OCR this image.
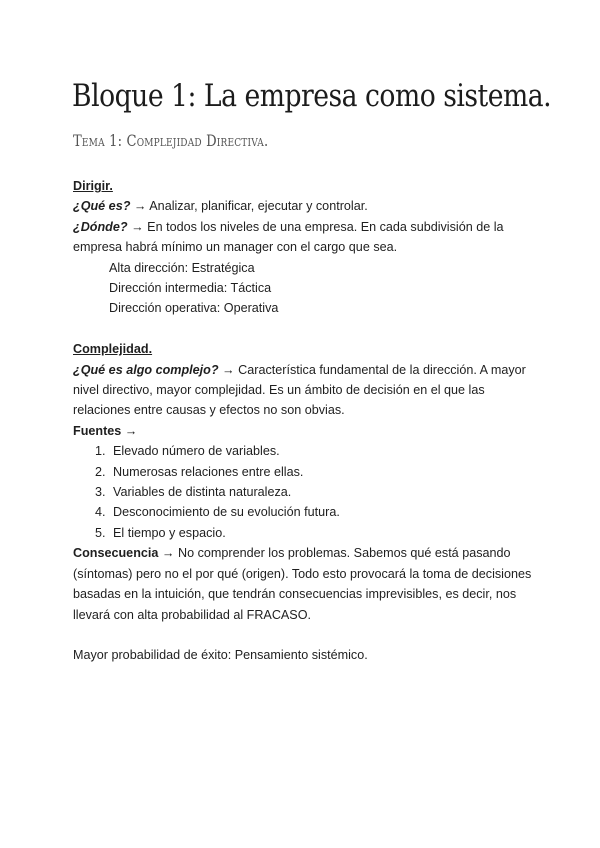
Bloque 1: La empresa como sistema.
Tema 1: Complejidad Directiva.
Dirigir.
¿Qué es? → Analizar, planificar, ejecutar y controlar.
¿Dónde? → En todos los niveles de una empresa. En cada subdivisión de la empresa habrá mínimo un manager con el cargo que sea.
Alta dirección: Estratégica
Dirección intermedia: Táctica
Dirección operativa: Operativa
Complejidad.
¿Qué es algo complejo? → Característica fundamental de la dirección. A mayor nivel directivo, mayor complejidad. Es un ámbito de decisión en el que las relaciones entre causas y efectos no son obvias.
Fuentes →
1. Elevado número de variables.
2. Numerosas relaciones entre ellas.
3. Variables de distinta naturaleza.
4. Desconocimiento de su evolución futura.
5. El tiempo y espacio.
Consecuencia → No comprender los problemas. Sabemos qué está pasando (síntomas) pero no el por qué (origen). Todo esto provocará la toma de decisiones basadas en la intuición, que tendrán consecuencias imprevisibles, es decir, nos llevará con alta probabilidad al FRACASO.
Mayor probabilidad de éxito: Pensamiento sistémico.
